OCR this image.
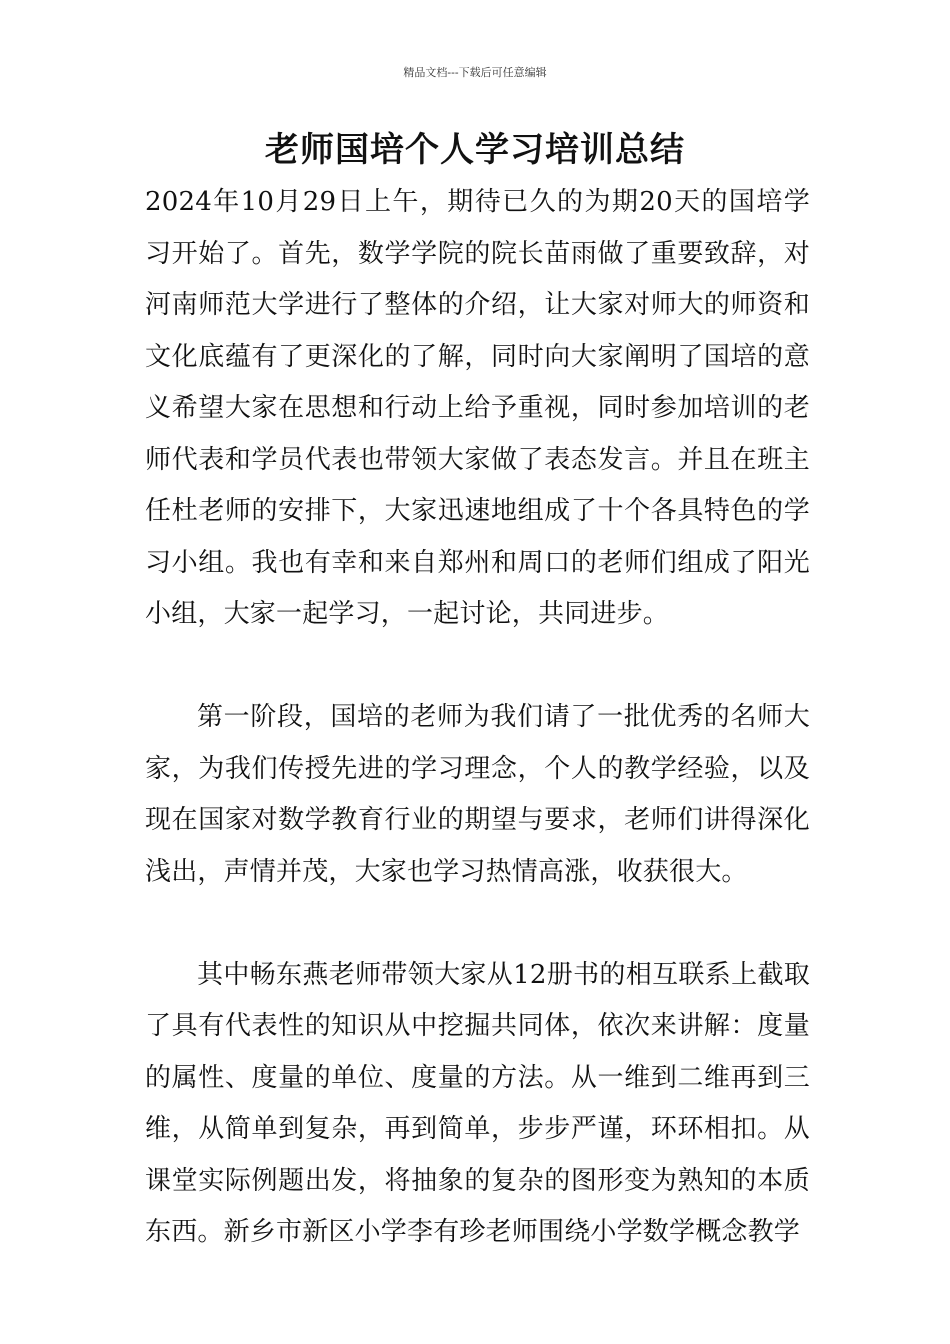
精品文档---下载后可任意编辑
老师国培个人学习培训总结

2024年10月29日上午，期待已久的为期20天的国培学习开始了。首先，数学学院的院长苗雨做了重要致辞，对河南师范大学进行了整体的介绍，让大家对师大的师资和文化底蕴有了更深化的了解，同时向大家阐明了国培的意义希望大家在思想和行动上给予重视，同时参加培训的老师代表和学员代表也带领大家做了表态发言。并且在班主任杜老师的安排下，大家迅速地组成了十个各具特色的学习小组。我也有幸和来自郑州和周口的老师们组成了阳光小组，大家一起学习，一起讨论，共同进步。

第一阶段，国培的老师为我们请了一批优秀的名师大家，为我们传授先进的学习理念，个人的教学经验，以及现在国家对数学教育行业的期望与要求，老师们讲得深化浅出，声情并茂，大家也学习热情高涨，收获很大。

其中畅东燕老师带领大家从12册书的相互联系上截取了具有代表性的知识从中挖掘共同体，依次来讲解：度量的属性、度量的单位、度量的方法。从一维到二维再到三维，从简单到复杂，再到简单，步步严谨，环环相扣。从课堂实际例题出发，将抽象的复杂的图形变为熟知的本质东西。新乡市新区小学李有珍老师围绕小学数学概念教学
